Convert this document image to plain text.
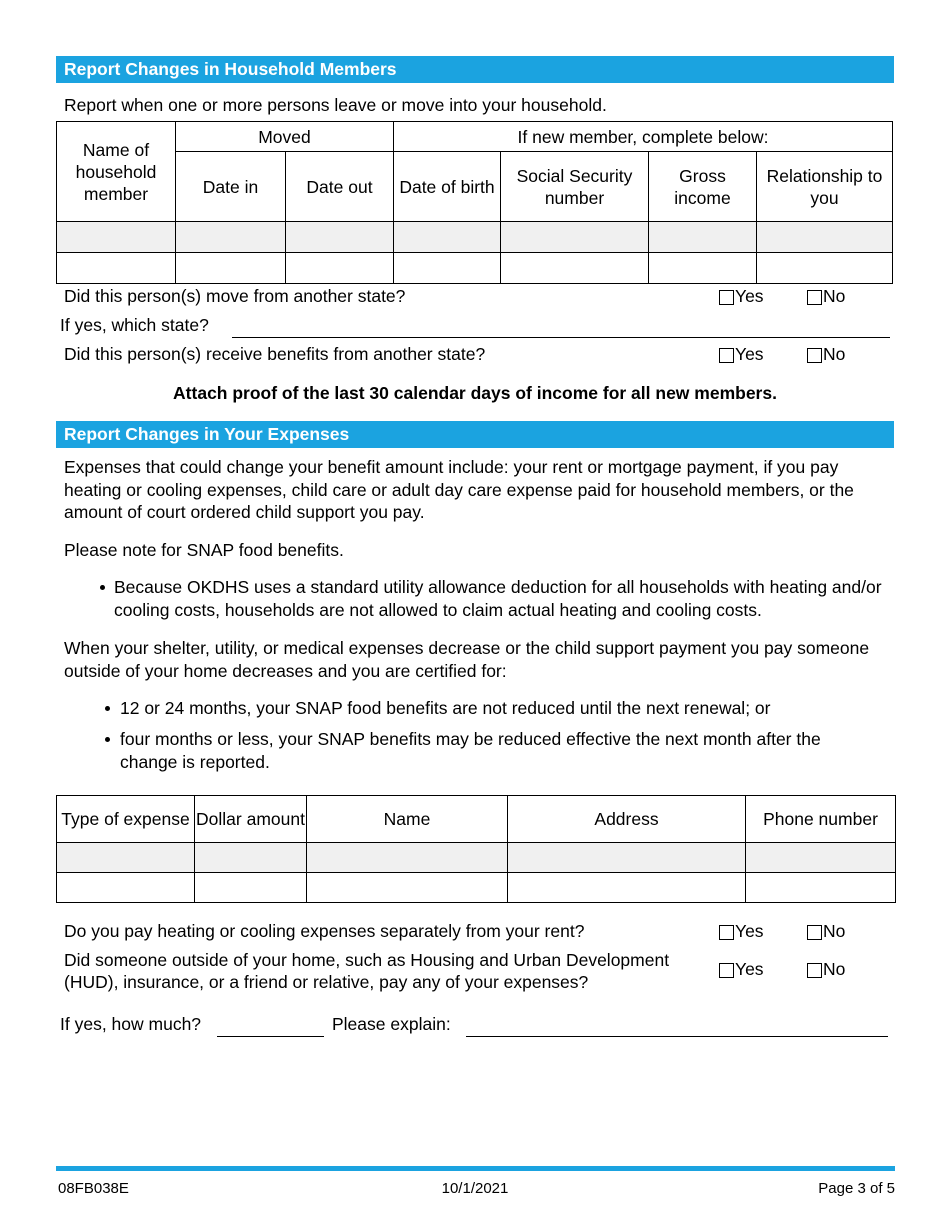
Report Changes in Household Members

Report when one or more persons leave or move into your household.

Name of household member	Moved		If new member, complete below:			
	Date in	Date out	Date of birth	Social Security number	Gross income	Relationship to you

Did this person(s) move from another state?	Yes	No

If yes, which state?

Did this person(s) receive benefits from another state?	Yes	No

Attach proof of the last 30 calendar days of income for all new members.

Report Changes in Your Expenses

Expenses that could change your benefit amount include: your rent or mortgage payment, if you pay heating or cooling expenses, child care or adult day care expense paid for household members, or the amount of court ordered child support you pay.

Please note for SNAP food benefits.

Because OKDHS uses a standard utility allowance deduction for all households with heating and/or cooling costs, households are not allowed to claim actual heating and cooling costs.

When your shelter, utility, or medical expenses decrease or the child support payment you pay someone outside of your home decreases and you are certified for:

12 or 24 months, your SNAP food benefits are not reduced until the next renewal; or

four months or less, your SNAP benefits may be reduced effective the next month after the change is reported.

Type of expense	Dollar amount	Name	Address	Phone number

Do you pay heating or cooling expenses separately from your rent?	Yes	No

Did someone outside of your home, such as Housing and Urban Development (HUD), insurance, or a friend or relative, pay any of your expenses?

Yes	No

If yes, how much?	Please explain:

08FB038E	10/1/2021	Page 3 of 5
